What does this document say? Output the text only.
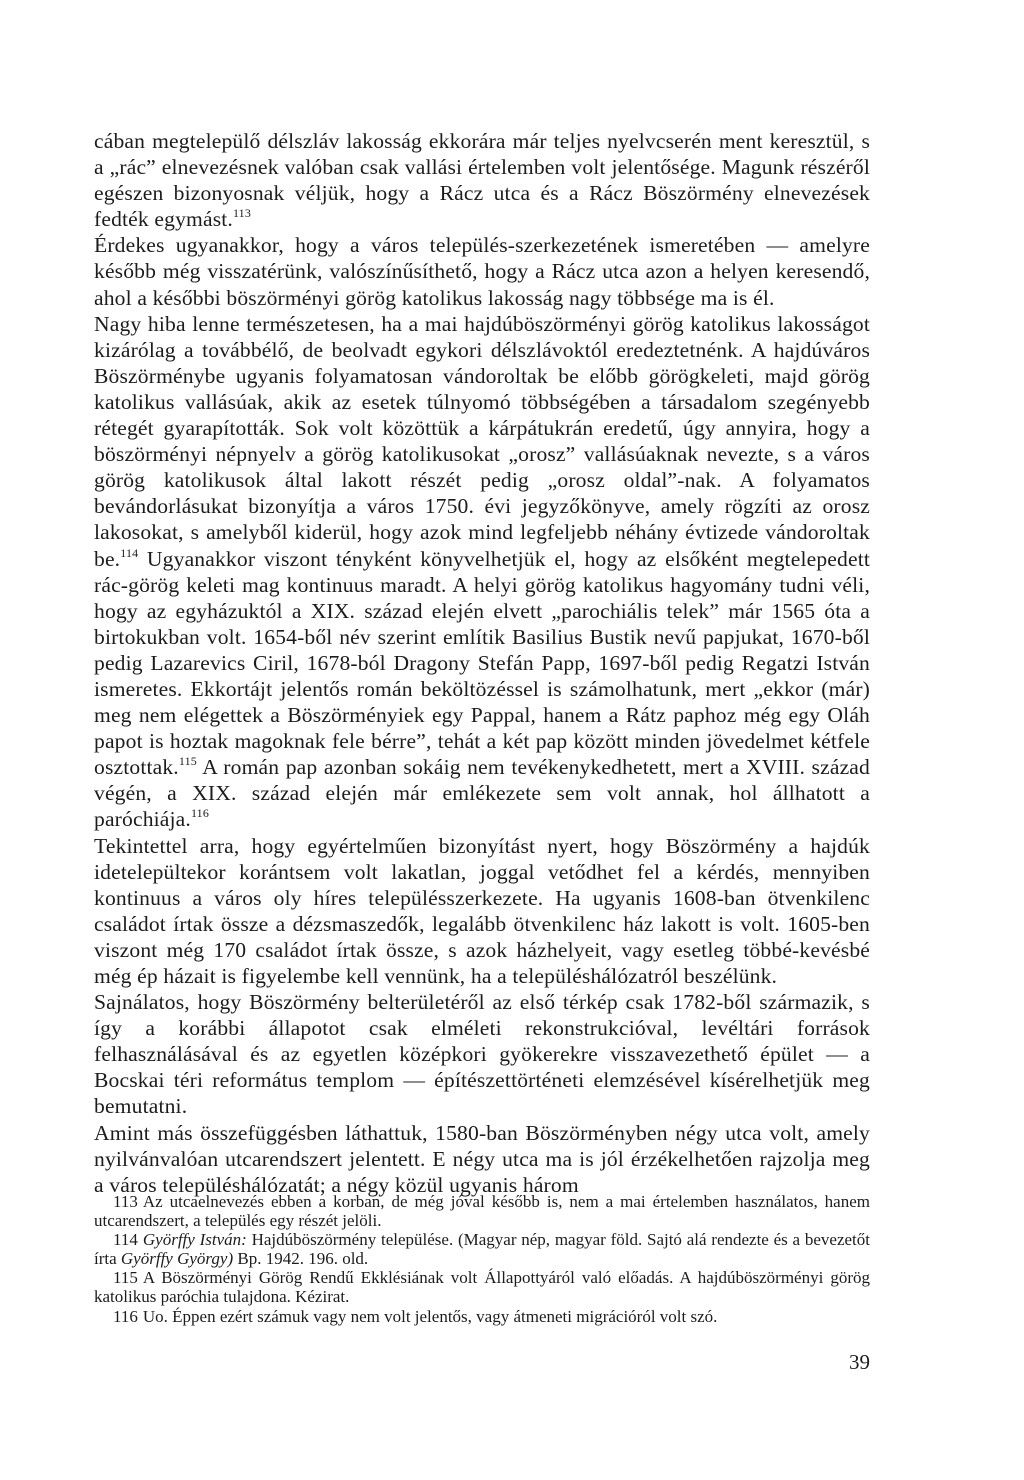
cában megtelepülő délszláv lakosság ekkorára már teljes nyelvcserén ment keresztül, s a „rác” elnevezésnek valóban csak vallási értelemben volt jelentősége. Magunk részéről egészen bizonyosnak véljük, hogy a Rácz utca és a Rácz Böszörmény elnevezések fedték egymást.$^{113}$

Érdekes ugyanakkor, hogy a város település-szerkezetének ismeretében — amelyre később még visszatérünk, valószínűsíthető, hogy a Rácz utca azon a helyen keresendő, ahol a későbbi böszörményi görög katolikus lakosság nagy többsége ma is él.

Nagy hiba lenne természetesen, ha a mai hajdúböszörményi görög katolikus lakosságot kizárólag a továbbélő, de beolvadt egykori délszlávoktól eredeztetnénk. A hajdúváros Böszörménybe ugyanis folyamatosan vándoroltak be előbb görögkeleti, majd görög katolikus vallásúak, akik az esetek túlnyomó többségében a társadalom szegényebb rétegét gyarapították. Sok volt közöttük a kárpátukrán eredetű, úgy annyira, hogy a böszörményi népnyelv a görög katolikusokat „orosz” vallásúaknak nevezte, s a város görög katolikusok által lakott részét pedig „orosz oldal”-nak. A folyamatos bevándorlásukat bizonyítja a város 1750. évi jegyzőkönyve, amely rögzíti az orosz lakosokat, s amelyből kiderül, hogy azok mind legfeljebb néhány évtizede vándoroltak be.$^{114}$ Ugyanakkor viszont tényként könyvelhetjük el, hogy az elsőként megtelepedett rác-görög keleti mag kontinuus maradt. A helyi görög katolikus hagyomány tudni véli, hogy az egyházuktól a XIX. század elején elvett „parochiális telek” már 1565 óta a birtokukban volt. 1654-ből név szerint említik Basilius Bustik nevű papjukat, 1670-ből pedig Lazarevics Ciril, 1678-ból Dragony Stefán Papp, 1697-ből pedig Regatzi István ismeretes. Ekkortájt jelentős román beköltözéssel is számolhatunk, mert „ekkor (már) meg nem elégettek a Böszörményiek egy Pappal, hanem a Rátz paphoz még egy Oláh papot is hoztak magoknak fele bérre”, tehát a két pap között minden jövedelmet kétfele osztottak.$^{115}$ A román pap azonban sokáig nem tevékenykedhetett, mert a XVIII. század végén, a XIX. század elején már emlékezete sem volt annak, hol állhatott a paróchiája.$^{116}$

Tekintettel arra, hogy egyértelműen bizonyítást nyert, hogy Böszörmény a hajdúk idetelepültekor korántsem volt lakatlan, joggal vetődhet fel a kérdés, mennyiben kontinuus a város oly híres településszerkezete. Ha ugyanis 1608-ban ötvenkilenc családot írtak össze a dézsmaszedők, legalább ötvenkilenc ház lakott is volt. 1605-ben viszont még 170 családot írtak össze, s azok házhelyeit, vagy esetleg többé-kevésbé még ép házait is figyelembe kell vennünk, ha a településhálózatról beszélünk.

Sajnálatos, hogy Böszörmény belterületéről az első térkép csak 1782-ből származik, s így a korábbi állapotot csak elméleti rekonstrukcióval, levéltári források felhasználásával és az egyetlen középkori gyökerekre visszavezethető épület — a Bocskai téri református templom — építészettörténeti elemzésével kísérelhetjük meg bemutatni.

Amint más összefüggésben láthattuk, 1580-ban Böszörményben négy utca volt, amely nyilvánvalóan utcarendszert jelentett. E négy utca ma is jól érzékelhetően rajzolja meg a város településhálózatát; a négy közül ugyanis három

113 Az utcaelnevezés ebben a korban, de még jóval később is, nem a mai értelemben használatos, hanem utcarendszert, a település egy részét jelöli.

114 Györffy István: Hajdúböszörmény települése. (Magyar nép, magyar föld. Sajtó alá rendezte és a bevezetőt írta Györffy György) Bp. 1942. 196. old.

115 A Böszörményi Görög Rendű Ekklésiának volt Állapottyáról való előadás. A hajdúböszörményi görög katolikus paróchia tulajdona. Kézirat.

116 Uo. Éppen ezért számuk vagy nem volt jelentős, vagy átmeneti migrációról volt szó.

39
